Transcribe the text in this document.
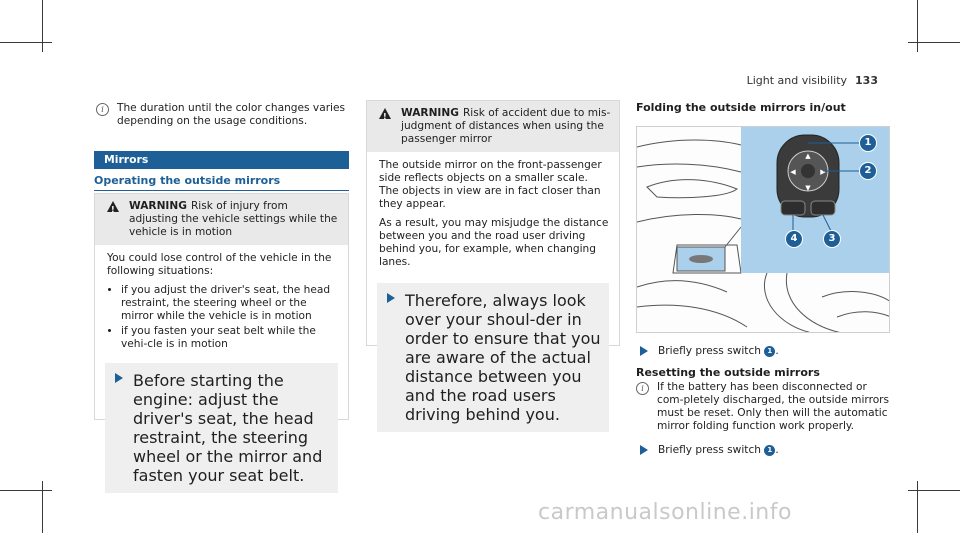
Light and visibility 133
i	The duration until the color changes varies depending on the usage conditions.
Mirrors
Operating the outside mirrors
!
WARNING Risk of injury from adjusting the vehicle settings while the vehicle is in motion

You could lose control of the vehicle in the following situations:

• if you adjust the driver's seat, the head restraint, the steering wheel or the mirror while the vehicle is in motion
• if you fasten your seat belt while the vehi-cle is in motion
Before starting the engine: adjust the driver's seat, the head restraint, the steering wheel or the mirror and fasten your seat belt.
!
WARNING Risk of accident due to mis-judgment of distances when using the passenger mirror

The outside mirror on the front-passenger side reflects objects on a smaller scale. The objects in view are in fact closer than they appear.

As a result, you may misjudge the distance between you and the road user driving behind you, for example, when changing lanes.

Therefore, always look over your shoul-der in order to ensure that you are aware of the actual distance between you and the road users driving behind you.
Folding the outside mirrors in/out
▲
▼
◀	▶
1
2
4	3
Briefly press switch 1 .
Resetting the outside mirrors
i	If the battery has been disconnected or com-pletely discharged, the outside mirrors must be reset. Only then will the automatic mirror folding function work properly.
Briefly press switch 1 .
carmanualsonline.info
